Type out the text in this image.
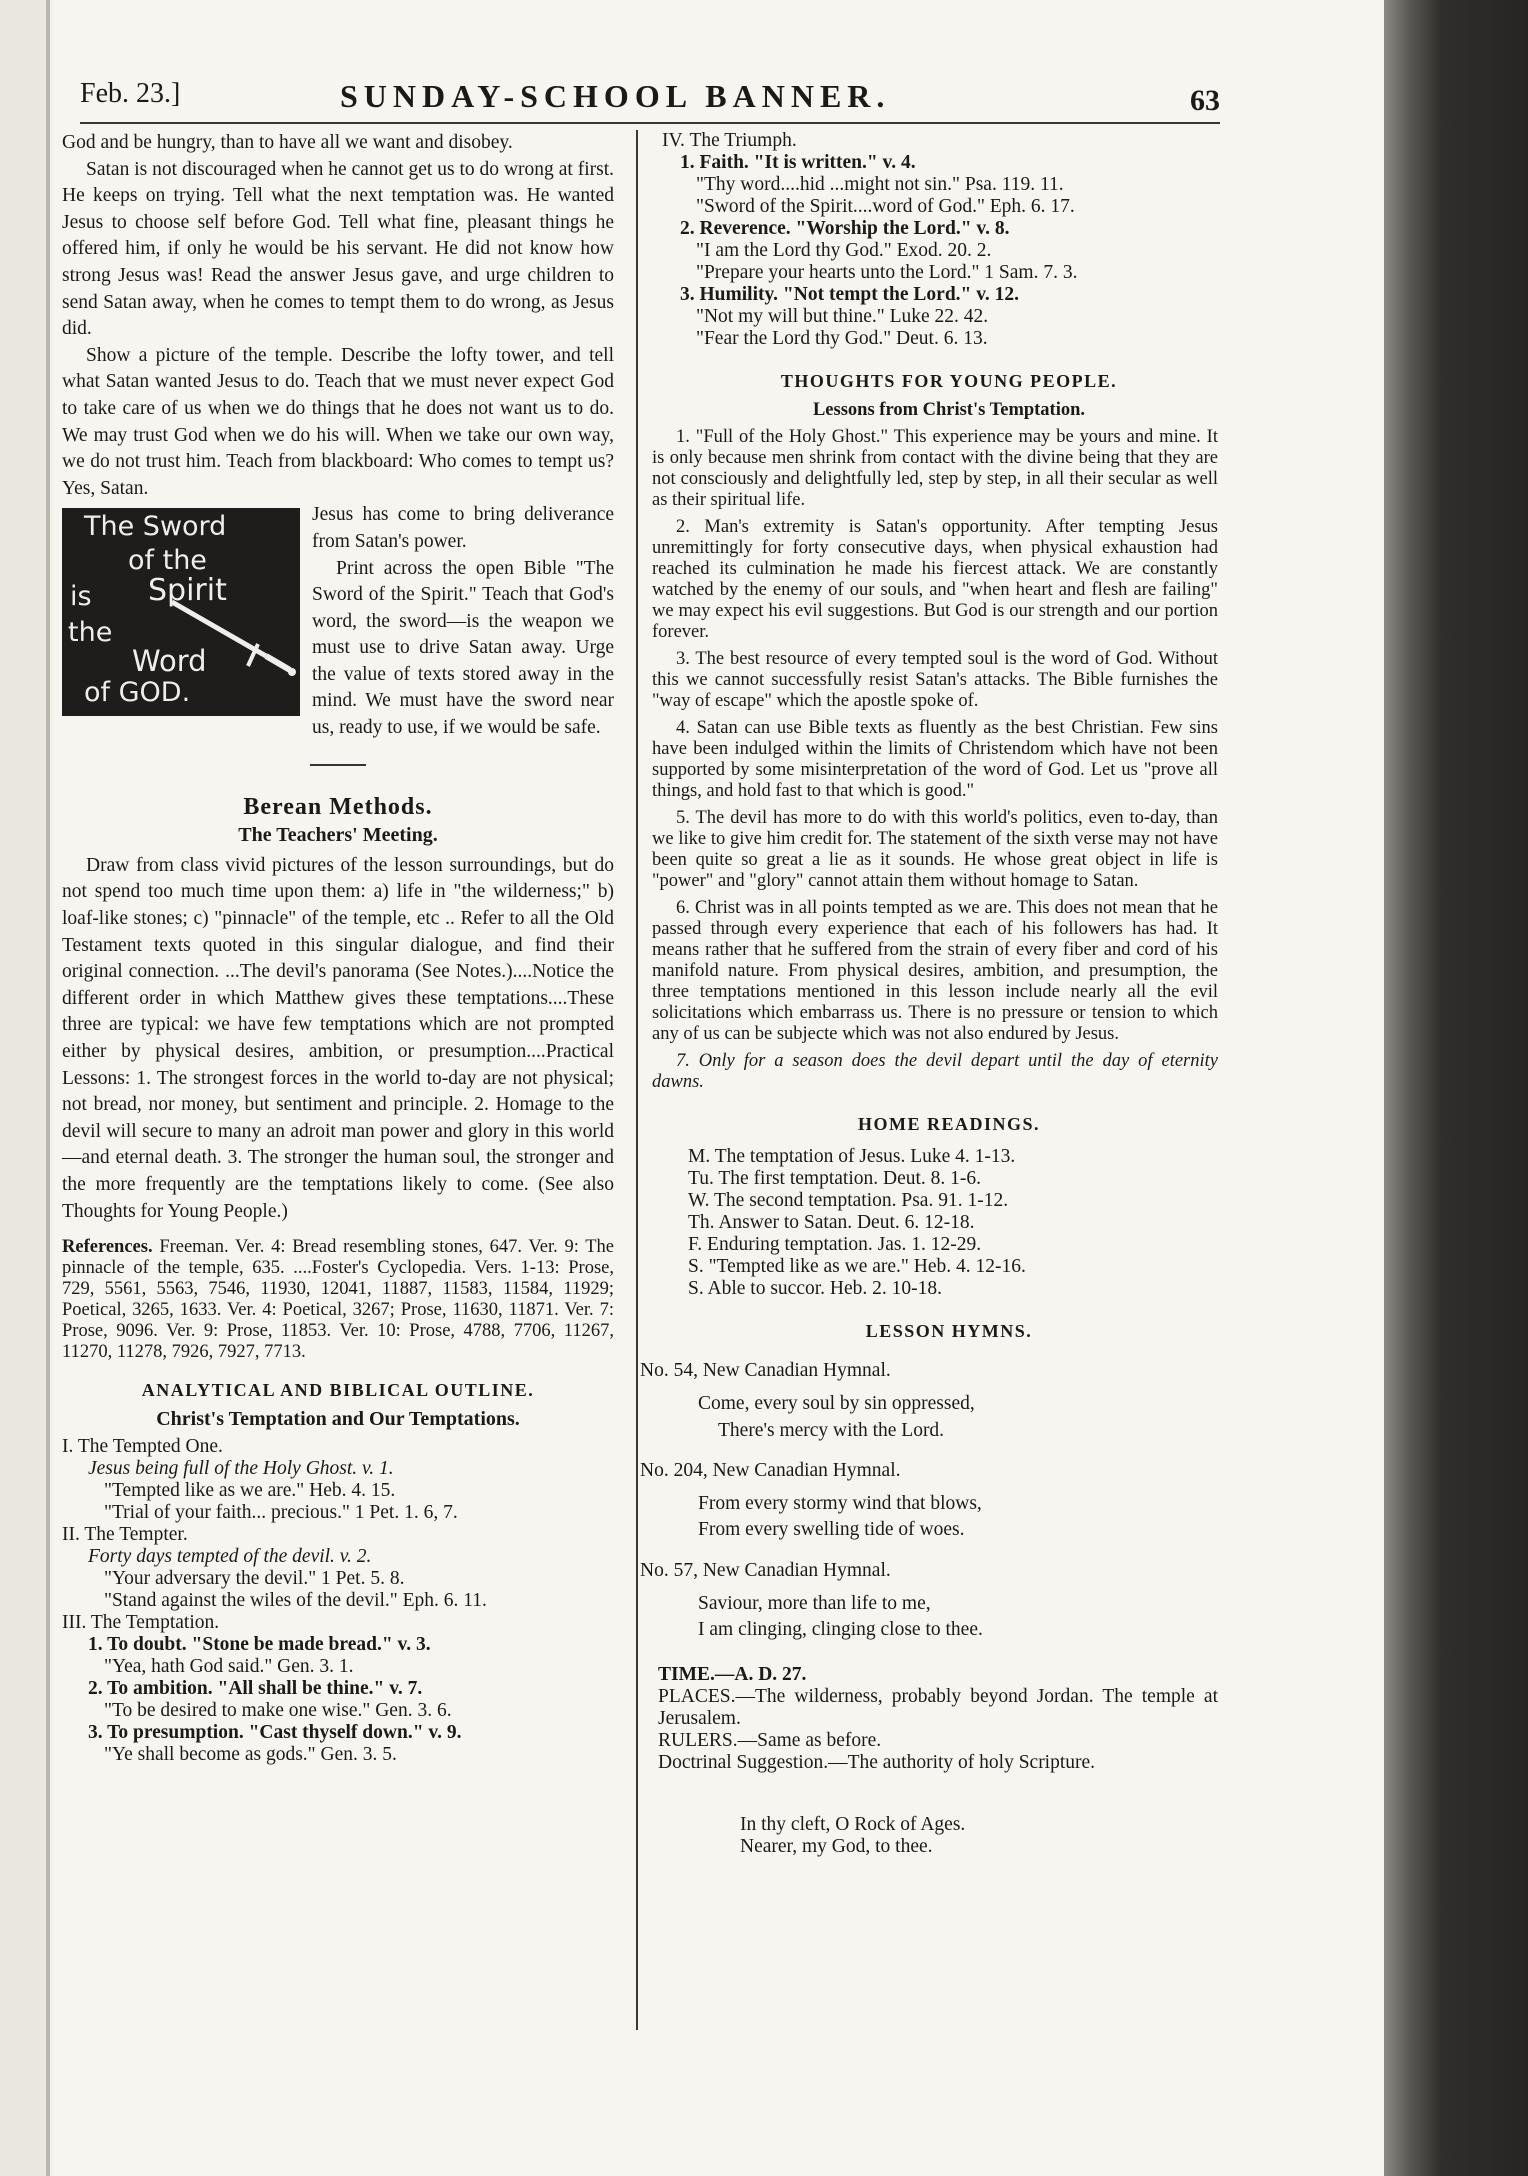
Feb. 23.]	SUNDAY-SCHOOL BANNER.	63

God and be hungry, than to have all we want and disobey.

Satan is not discouraged when he cannot get us to do wrong at first. He keeps on trying. Tell what the next temptation was. He wanted Jesus to choose self before God. Tell what fine, pleasant things he offered him, if only he would be his servant. He did not know how strong Jesus was! Read the answer Jesus gave, and urge children to send Satan away, when he comes to tempt them to do wrong, as Jesus did.

Show a picture of the temple. Describe the lofty tower, and tell what Satan wanted Jesus to do. Teach that we must never expect God to take care of us when we do things that he does not want us to do. We may trust God when we do his will. When we take our own way, we do not trust him. Teach from blackboard: Who comes to tempt us? Yes, Satan.

The Sword
of the
is Spirit
the
Word
of GOD.

Jesus has come to bring deliverance from Satan's power.

Print across the open Bible "The Sword of the Spirit." Teach that God's word, the sword—is the weapon we must use to drive Satan away. Urge the value of texts stored away in the mind. We must have the sword near us, ready to use, if we would be safe.

Berean Methods.
The Teachers' Meeting.

Draw from class vivid pictures of the lesson surroundings, but do not spend too much time upon them: a) life in "the wilderness;" b) loaf-like stones; c) "pinnacle" of the temple, etc .. Refer to all the Old Testament texts quoted in this singular dialogue, and find their original connection. ...The devil's panorama (See Notes.)....Notice the different order in which Matthew gives these temptations....These three are typical: we have few temptations which are not prompted either by physical desires, ambition, or presumption....Practical Lessons: 1. The strongest forces in the world to-day are not physical; not bread, nor money, but sentiment and principle. 2. Homage to the devil will secure to many an adroit man power and glory in this world—and eternal death. 3. The stronger the human soul, the stronger and the more frequently are the temptations likely to come. (See also Thoughts for Young People.)

References. Freeman. Ver. 4: Bread resembling stones, 647. Ver. 9: The pinnacle of the temple, 635. ....Foster's Cyclopedia. Vers. 1-13: Prose, 729, 5561, 5563, 7546, 11930, 12041, 11887, 11583, 11584, 11929; Poetical, 3265, 1633. Ver. 4: Poetical, 3267; Prose, 11630, 11871. Ver. 7: Prose, 9096. Ver. 9: Prose, 11853. Ver. 10: Prose, 4788, 7706, 11267, 11270, 11278, 7926, 7927, 7713.

ANALYTICAL AND BIBLICAL OUTLINE.
Christ's Temptation and Our Temptations.

I. The Tempted One.

Jesus being full of the Holy Ghost. v. 1.

"Tempted like as we are." Heb. 4. 15.

"Trial of your faith... precious." 1 Pet. 1. 6, 7.

II. The Tempter.

Forty days tempted of the devil. v. 2.

"Your adversary the devil." 1 Pet. 5. 8.

"Stand against the wiles of the devil." Eph. 6. 11.

III. The Temptation.

1. To doubt. "Stone be made bread." v. 3.

"Yea, hath God said." Gen. 3. 1.

2. To ambition. "All shall be thine." v. 7.

"To be desired to make one wise." Gen. 3. 6.

3. To presumption. "Cast thyself down." v. 9.

"Ye shall become as gods." Gen. 3. 5.

IV. The Triumph.

1. Faith. "It is written." v. 4.

"Thy word....hid ...might not sin." Psa. 119. 11.

"Sword of the Spirit....word of God." Eph. 6. 17.

2. Reverence. "Worship the Lord." v. 8.

"I am the Lord thy God." Exod. 20. 2.

"Prepare your hearts unto the Lord." 1 Sam. 7. 3.

3. Humility. "Not tempt the Lord." v. 12.

"Not my will but thine." Luke 22. 42.

"Fear the Lord thy God." Deut. 6. 13.

THOUGHTS FOR YOUNG PEOPLE.
Lessons from Christ's Temptation.

1. "Full of the Holy Ghost." This experience may be yours and mine. It is only because men shrink from contact with the divine being that they are not consciously and delightfully led, step by step, in all their secular as well as their spiritual life.

2. Man's extremity is Satan's opportunity. After tempting Jesus unremittingly for forty consecutive days, when physical exhaustion had reached its culmination he made his fiercest attack. We are constantly watched by the enemy of our souls, and "when heart and flesh are failing" we may expect his evil suggestions. But God is our strength and our portion forever.

3. The best resource of every tempted soul is the word of God. Without this we cannot successfully resist Satan's attacks. The Bible furnishes the "way of escape" which the apostle spoke of.

4. Satan can use Bible texts as fluently as the best Christian. Few sins have been indulged within the limits of Christendom which have not been supported by some misinterpretation of the word of God. Let us "prove all things, and hold fast to that which is good."

5. The devil has more to do with this world's politics, even to-day, than we like to give him credit for. The statement of the sixth verse may not have been quite so great a lie as it sounds. He whose great object in life is "power" and "glory" cannot attain them without homage to Satan.

6. Christ was in all points tempted as we are. This does not mean that he passed through every experience that each of his followers has had. It means rather that he suffered from the strain of every fiber and cord of his manifold nature. From physical desires, ambition, and presumption, the three temptations mentioned in this lesson include nearly all the evil solicitations which embarrass us. There is no pressure or tension to which any of us can be subjecte which was not also endured by Jesus.

7. Only for a season does the devil depart until the day of eternity dawns.

HOME READINGS.

M. The temptation of Jesus. Luke 4. 1-13.

Tu. The first temptation. Deut. 8. 1-6.

W. The second temptation. Psa. 91. 1-12.

Th. Answer to Satan. Deut. 6. 12-18.

F. Enduring temptation. Jas. 1. 12-29.

S. "Tempted like as we are." Heb. 4. 12-16.

S. Able to succor. Heb. 2. 10-18.

LESSON HYMNS.

No. 54, New Canadian Hymnal.

Come, every soul by sin oppressed,

There's mercy with the Lord.

No. 204, New Canadian Hymnal.

From every stormy wind that blows,

From every swelling tide of woes.

No. 57, New Canadian Hymnal.

Saviour, more than life to me,

I am clinging, clinging close to thee.

TIME.—A. D. 27.

PLACES.—The wilderness, probably beyond Jordan. The temple at Jerusalem.

RULERS.—Same as before.

Doctrinal Suggestion.—The authority of holy Scripture.

In thy cleft, O Rock of Ages.

Nearer, my God, to thee.
